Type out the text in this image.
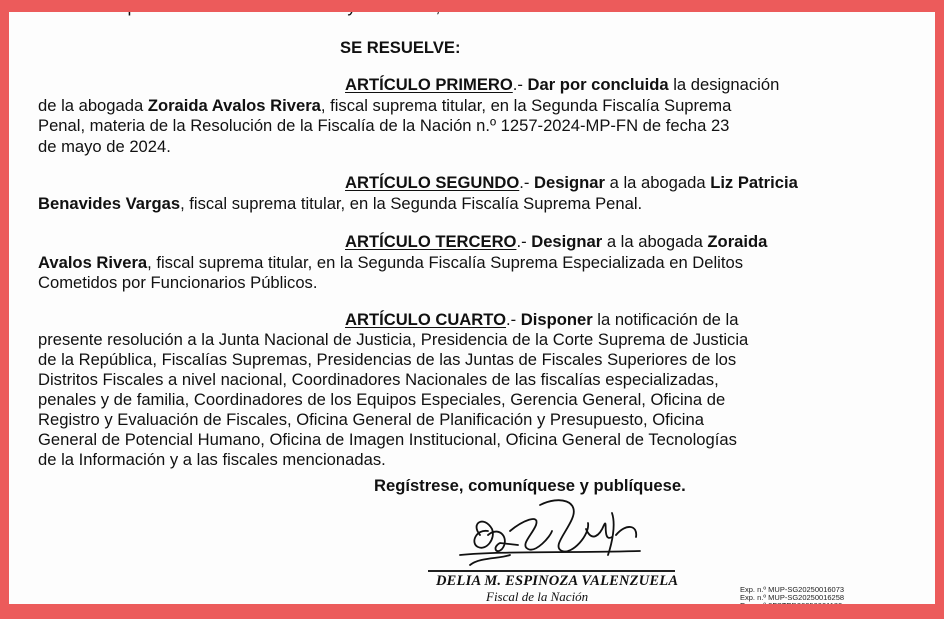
SE RESUELVE:
ARTÍCULO PRIMERO.- Dar por concluida la designación
de la abogada Zoraida Avalos Rivera, fiscal suprema titular, en la Segunda Fiscalía Suprema
Penal, materia de la Resolución de la Fiscalía de la Nación n.º 1257-2024-MP-FN de fecha 23
de mayo de 2024.
ARTÍCULO SEGUNDO.- Designar a la abogada Liz Patricia
Benavides Vargas, fiscal suprema titular, en la Segunda Fiscalía Suprema Penal.
ARTÍCULO TERCERO.- Designar a la abogada Zoraida
Avalos Rivera, fiscal suprema titular, en la Segunda Fiscalía Suprema Especializada en Delitos
Cometidos por Funcionarios Públicos.
ARTÍCULO CUARTO.- Disponer la notificación de la
presente resolución a la Junta Nacional de Justicia, Presidencia de la Corte Suprema de Justicia
de la República, Fiscalías Supremas, Presidencias de las Juntas de Fiscales Superiores de los
Distritos Fiscales a nivel nacional, Coordinadores Nacionales de las fiscalías especializadas,
penales y de familia, Coordinadores de los Equipos Especiales, Gerencia General, Oficina de
Registro y Evaluación de Fiscales, Oficina General de Planificación y Presupuesto, Oficina
General de Potencial Humano, Oficina de Imagen Institucional, Oficina General de Tecnologías
de la Información y a las fiscales mencionadas.
Regístrese, comuníquese y publíquese.
DELIA M. ESPINOZA VALENZUELA
Fiscal de la Nación	Exp. n.º MUP-SG20250016073
Exp. n.º MUP-SG20250016258
